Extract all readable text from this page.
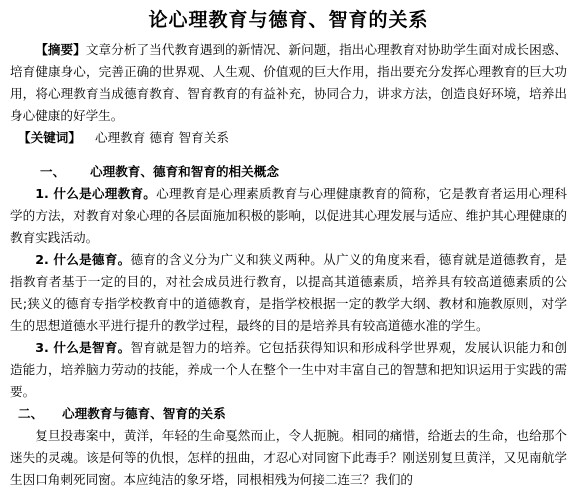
论心理教育与德育、智育的关系

【摘要】文章分析了当代教育遇到的新情况、新问题，指出心理教育对协助学生面对成长困惑、培育健康身心，完善正确的世界观、人生观、价值观的巨大作用，指出要充分发挥心理教育的巨大功用，将心理教育当成德育教育、智育教育的有益补充，协同合力，讲求方法，创造良好环境，培养出身心健康的好学生。

【关键词】 心理教育 德育 智育关系

一、 心理教育、德育和智育的相关概念

1. 什么是心理教育。心理教育是心理素质教育与心理健康教育的简称，它是教育者运用心理科学的方法，对教育对象心理的各层面施加积极的影响，以促进其心理发展与适应、维护其心理健康的教育实践活动。

2. 什么是德育。德育的含义分为广义和狭义两种。从广义的角度来看，德育就是道德教育，是指教育者基于一定的目的，对社会成员进行教育，以提高其道德素质，培养具有较高道德素质的公民;狭义的德育专指学校教育中的道德教育，是指学校根据一定的教学大纲、教材和施教原则，对学生的思想道德水平进行提升的教学过程，最终的目的是培养具有较高道德水准的学生。

3. 什么是智育。智育就是智力的培养。它包括获得知识和形成科学世界观，发展认识能力和创造能力，培养脑力劳动的技能，养成一个人在整个一生中对丰富自己的智慧和把知识运用于实践的需要。

二、 心理教育与德育、智育的关系

复旦投毒案中，黄洋，年轻的生命戛然而止，令人扼腕。相同的痛惜，给逝去的生命，也给那个迷失的灵魂。该是何等的仇恨，怎样的扭曲，才忍心对同窗下此毒手？刚送别复旦黄洋，又见南航学生因口角刺死同窗。本应纯洁的象牙塔，同根相残为何接二连三？我们的
